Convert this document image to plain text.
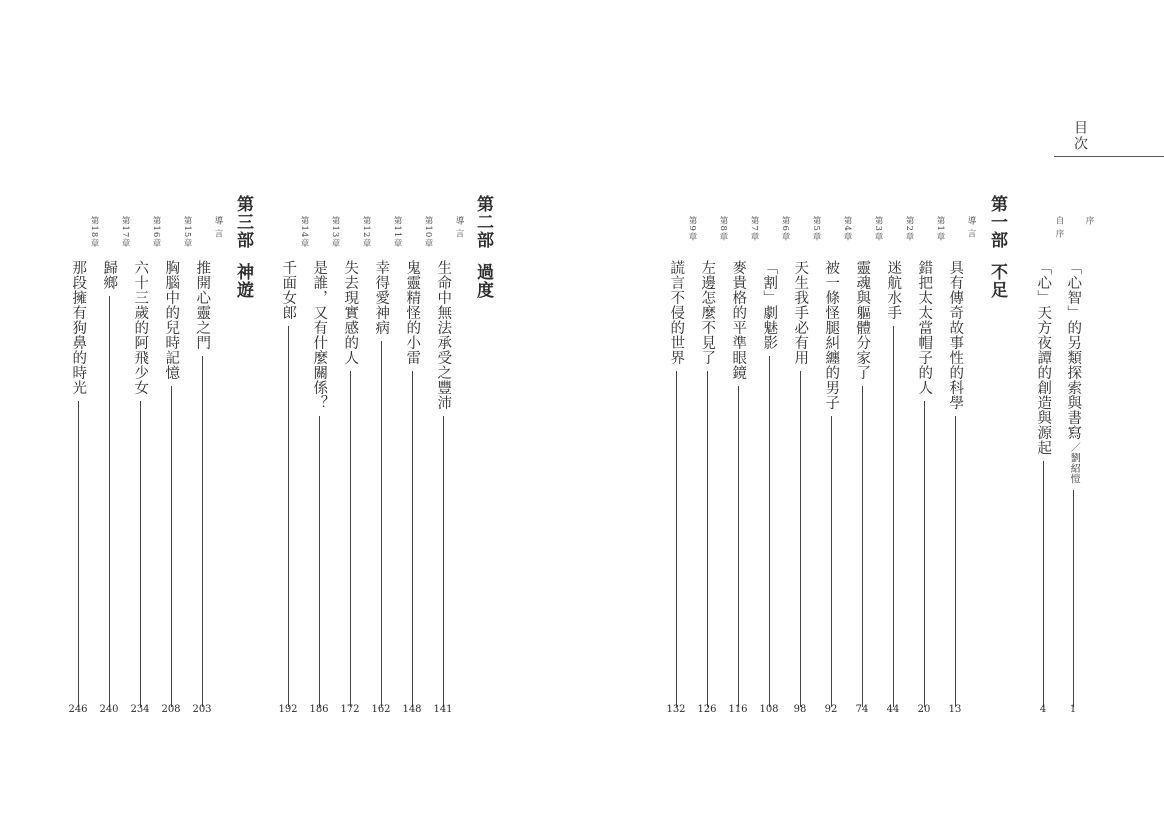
目次
第一部不足
第二部過度
第三部神遊
序
「心智」的另類探索與書寫／劉紹愷
1
自 序
「心」天方夜譚的創造與源起
4
導 言
具有傳奇故事性的科學
13
第1章
錯把太太當帽子的人
20
第2章
迷航水手
44
第3章
靈魂與軀體分家了
74
第4章
被一條怪腿糾纏的男子
92
第5章
天生我手必有用
98
第6章
「割」劇魅影
108
第7章
麥貴格的平準眼鏡
116
第8章
左邊怎麼不見了
126
第9章
謊言不侵的世界
132
導 言
生命中無法承受之豐沛
141
第10章
鬼靈精怪的小雷
148
第11章
幸得愛神病
162
第12章
失去現實感的人
172
第13章
是誰，又有什麼關係？
186
第14章
千面女郎
192
導 言
推開心靈之門
203
第15章
胸腦中的兒時記憶
208
第16章
六十三歲的阿飛少女
234
第17章
歸鄉
240
第18章
那段擁有狗鼻的時光
246
